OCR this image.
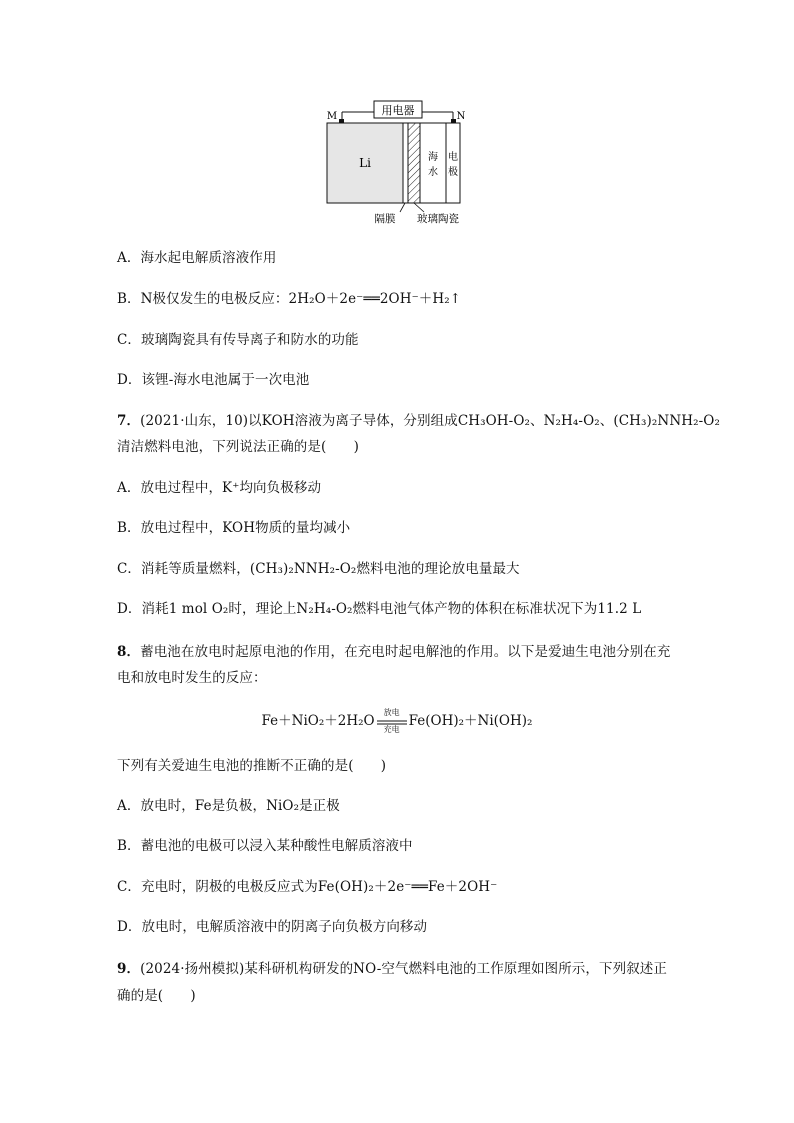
用电器
M	N
Li	海
水
电
极
隔膜 玻璃陶瓷
A．海水起电解质溶液作用
B．N极仅发生的电极反应：2H₂O＋2e⁻══2OH⁻＋H₂↑
C．玻璃陶瓷具有传导离子和防水的功能
D．该锂-海水电池属于一次电池
7．(2021·山东，10)以KOH溶液为离子导体，分别组成CH₃OH-O₂、N₂H₄-O₂、(CH₃)₂NNH₂-O₂
清洁燃料电池，下列说法正确的是(　　)
A．放电过程中，K⁺均向负极移动
B．放电过程中，KOH物质的量均减小
C．消耗等质量燃料，(CH₃)₂NNH₂-O₂燃料电池的理论放电量最大
D．消耗1 mol O₂时，理论上N₂H₄-O₂燃料电池气体产物的体积在标准状况下为11.2 L
8．蓄电池在放电时起原电池的作用，在充电时起电解池的作用。以下是爱迪生电池分别在充
电和放电时发生的反应：
Fe＋NiO₂＋2H₂O
放电
充电 Fe(OH)₂＋Ni(OH)₂
下列有关爱迪生电池的推断不正确的是(　　)
A．放电时，Fe是负极，NiO₂是正极
B．蓄电池的电极可以浸入某种酸性电解质溶液中
C．充电时，阴极的电极反应式为Fe(OH)₂＋2e⁻══Fe＋2OH⁻
D．放电时，电解质溶液中的阴离子向负极方向移动
9．(2024·扬州模拟)某科研机构研发的NO-空气燃料电池的工作原理如图所示，下列叙述正
确的是(　　)
